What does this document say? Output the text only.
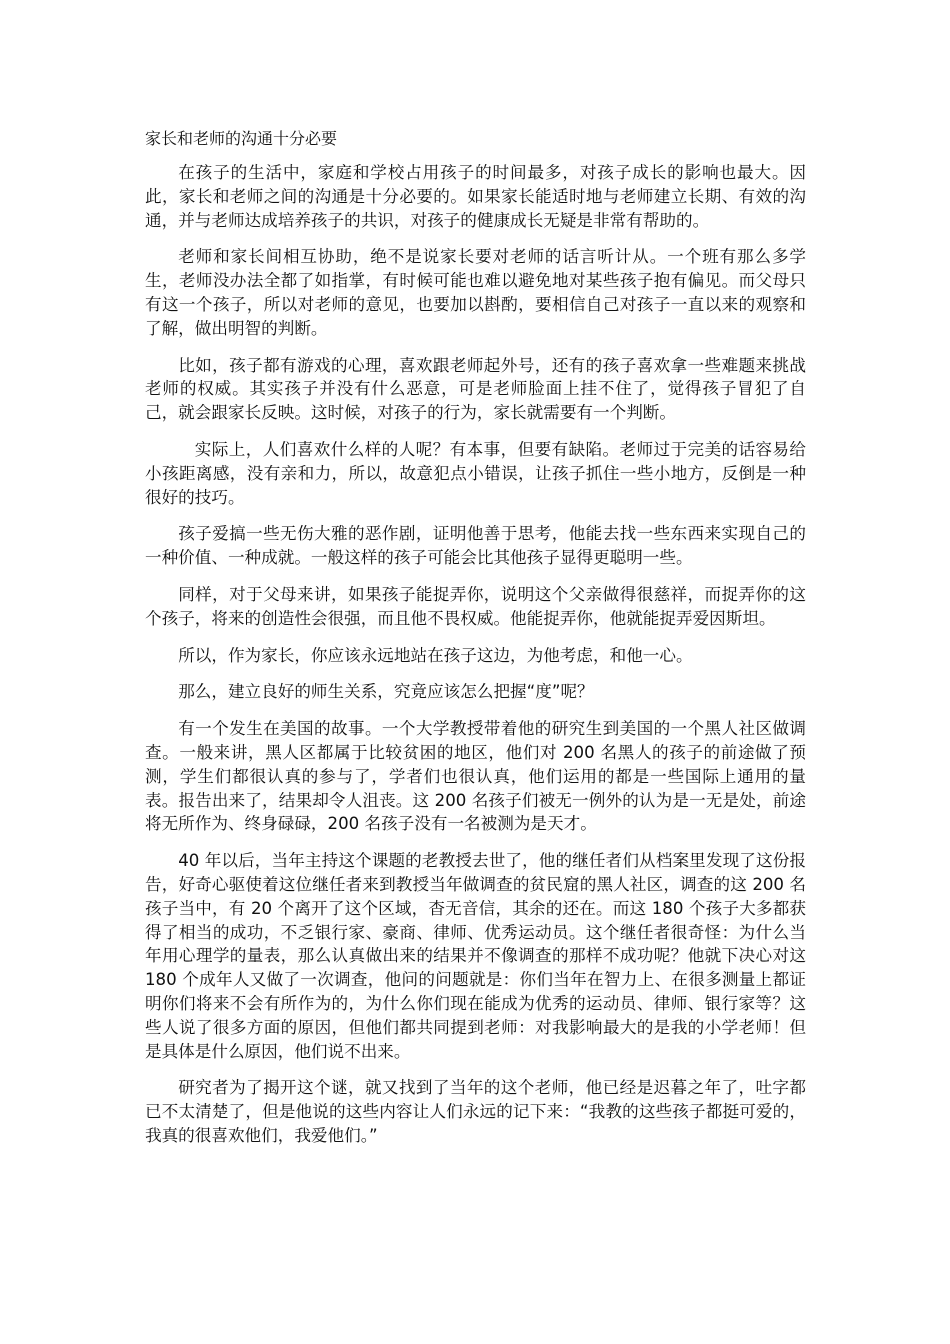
家长和老师的沟通十分必要

在孩子的生活中，家庭和学校占用孩子的时间最多，对孩子成长的影响也最大。因此，家长和老师之间的沟通是十分必要的。如果家长能适时地与老师建立长期、有效的沟通，并与老师达成培养孩子的共识，对孩子的健康成长无疑是非常有帮助的。

老师和家长间相互协助，绝不是说家长要对老师的话言听计从。一个班有那么多学生，老师没办法全都了如指掌，有时候可能也难以避免地对某些孩子抱有偏见。而父母只有这一个孩子，所以对老师的意见，也要加以斟酌，要相信自己对孩子一直以来的观察和了解，做出明智的判断。

比如，孩子都有游戏的心理，喜欢跟老师起外号，还有的孩子喜欢拿一些难题来挑战老师的权威。其实孩子并没有什么恶意，可是老师脸面上挂不住了，觉得孩子冒犯了自己，就会跟家长反映。这时候，对孩子的行为，家长就需要有一个判断。

实际上，人们喜欢什么样的人呢？有本事，但要有缺陷。老师过于完美的话容易给小孩距离感，没有亲和力，所以，故意犯点小错误，让孩子抓住一些小地方，反倒是一种很好的技巧。

孩子爱搞一些无伤大雅的恶作剧，证明他善于思考，他能去找一些东西来实现自己的一种价值、一种成就。一般这样的孩子可能会比其他孩子显得更聪明一些。

同样，对于父母来讲，如果孩子能捉弄你，说明这个父亲做得很慈祥，而捉弄你的这个孩子，将来的创造性会很强，而且他不畏权威。他能捉弄你，他就能捉弄爱因斯坦。

所以，作为家长，你应该永远地站在孩子这边，为他考虑，和他一心。

那么，建立良好的师生关系，究竟应该怎么把握“度”呢？

有一个发生在美国的故事。一个大学教授带着他的研究生到美国的一个黑人社区做调查。一般来讲，黑人区都属于比较贫困的地区，他们对 200 名黑人的孩子的前途做了预测，学生们都很认真的参与了，学者们也很认真，他们运用的都是一些国际上通用的量表。报告出来了，结果却令人沮丧。这 200 名孩子们被无一例外的认为是一无是处，前途将无所作为、终身碌碌，200 名孩子没有一名被测为是天才。

40 年以后，当年主持这个课题的老教授去世了，他的继任者们从档案里发现了这份报告，好奇心驱使着这位继任者来到教授当年做调查的贫民窟的黑人社区，调查的这 200 名孩子当中，有 20 个离开了这个区域，杳无音信，其余的还在。而这 180 个孩子大多都获得了相当的成功，不乏银行家、豪商、律师、优秀运动员。这个继任者很奇怪：为什么当年用心理学的量表，那么认真做出来的结果并不像调查的那样不成功呢？他就下决心对这 180 个成年人又做了一次调查，他问的问题就是：你们当年在智力上、在很多测量上都证明你们将来不会有所作为的，为什么你们现在能成为优秀的运动员、律师、银行家等？这些人说了很多方面的原因，但他们都共同提到老师：对我影响最大的是我的小学老师！但是具体是什么原因，他们说不出来。

研究者为了揭开这个谜，就又找到了当年的这个老师，他已经是迟暮之年了，吐字都已不太清楚了，但是他说的这些内容让人们永远的记下来：“我教的这些孩子都挺可爱的，我真的很喜欢他们，我爱他们。”
